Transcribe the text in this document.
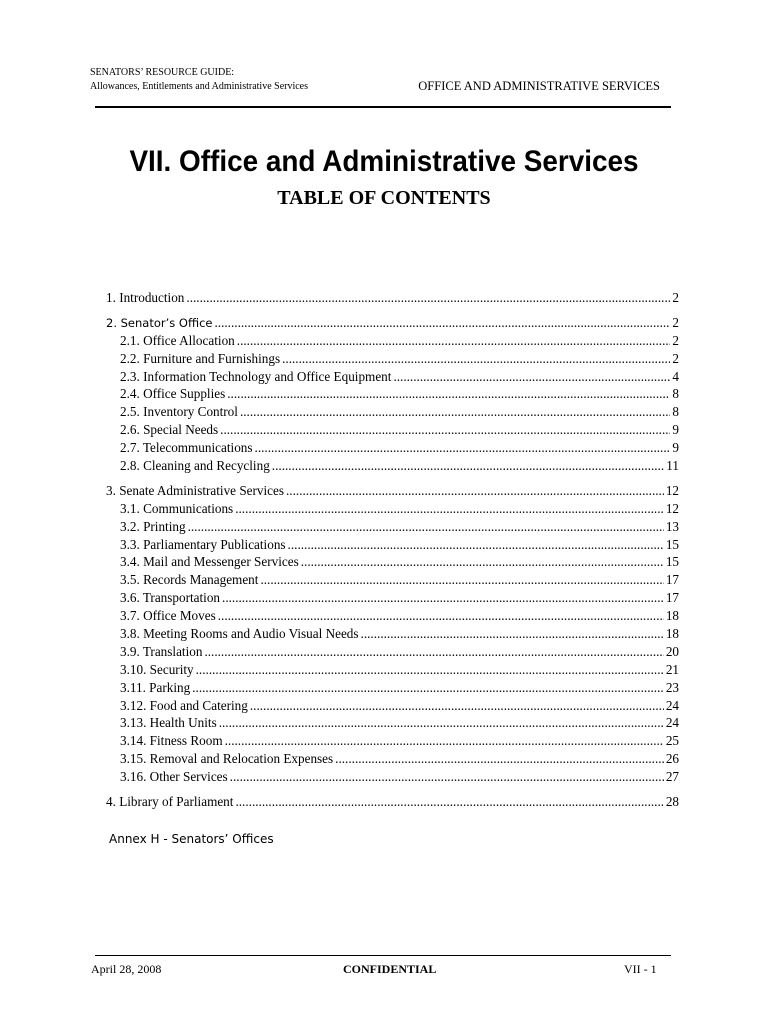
SENATORS’ RESOURCE GUIDE:
Allowances, Entitlements and Administrative Services	OFFICE AND ADMINISTRATIVE SERVICES
VII. Office and Administrative Services
TABLE OF CONTENTS
1. Introduction .....	2
2. Senator’s Office .....	2
2.1. Office Allocation .....	2
2.2. Furniture and Furnishings .....	2
2.3. Information Technology and Office Equipment .....	4
2.4. Office Supplies .....	8
2.5. Inventory Control .....	8
2.6. Special Needs .....	9
2.7. Telecommunications .....	9
2.8. Cleaning and Recycling .....	11
3. Senate Administrative Services .....	12
3.1. Communications .....	12
3.2. Printing .....	13
3.3. Parliamentary Publications .....	15
3.4. Mail and Messenger Services .....	15
3.5. Records Management .....	17
3.6. Transportation .....	17
3.7. Office Moves .....	18
3.8. Meeting Rooms and Audio Visual Needs .....	18
3.9. Translation .....	20
3.10. Security .....	21
3.11. Parking .....	23
3.12. Food and Catering .....	24
3.13. Health Units .....	24
3.14. Fitness Room .....	25
3.15. Removal and Relocation Expenses .....	26
3.16. Other Services .....	27
4. Library of Parliament .....	28
Annex H - Senators’ Offices
April 28, 2008	CONFIDENTIAL	VII - 1
